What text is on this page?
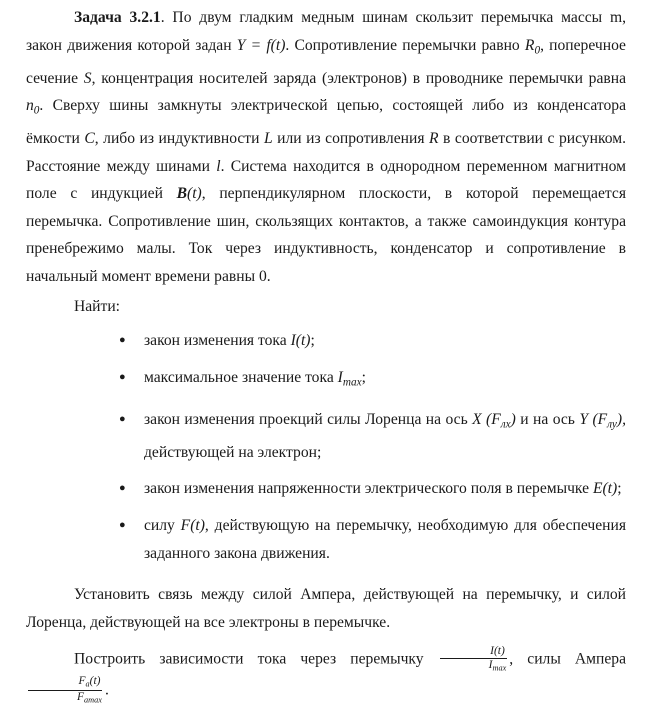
Задача 3.2.1. По двум гладким медным шинам скользит перемычка массы m, закон движения которой задан Y = f(t). Сопротивление перемычки равно $R_0$, поперечное сечение S, концентрация носителей заряда (электронов) в проводнике перемычки равна $n_0$. Сверху шины замкнуты электрической цепью, состоящей либо из конденсатора ёмкости C, либо из индуктивности L или из сопротивления R в соответствии с рисунком. Расстояние между шинами l. Система находится в однородном переменном магнитном поле с индукцией B(t), перпендикулярном плоскости, в которой перемещается перемычка. Сопротивление шин, скользящих контактов, а также самоиндукция контура пренебрежимо малы. Ток через индуктивность, конденсатор и сопротивление в начальный момент времени равны 0.

Найти:

● закон изменения тока I(t);
● максимальное значение тока $I_{max}$;
● закон изменения проекций силы Лоренца на ось X $(F_{лх})$ и на ось Y $(F_{лу})$, действующей на электрон;
● закон изменения напряженности электрического поля в перемычке E(t);
● силу F(t), действующую на перемычку, необходимую для обеспечения заданного закона движения.

Установить связь между силой Ампера, действующей на перемычку, и силой Лоренца, действующей на все электроны в перемычке.

Построить зависимости тока через перемычку $\frac{I(t)}{I_{max}}$ , силы Ампера
$\frac{F_a(t)}{F_{amax}}$ .
